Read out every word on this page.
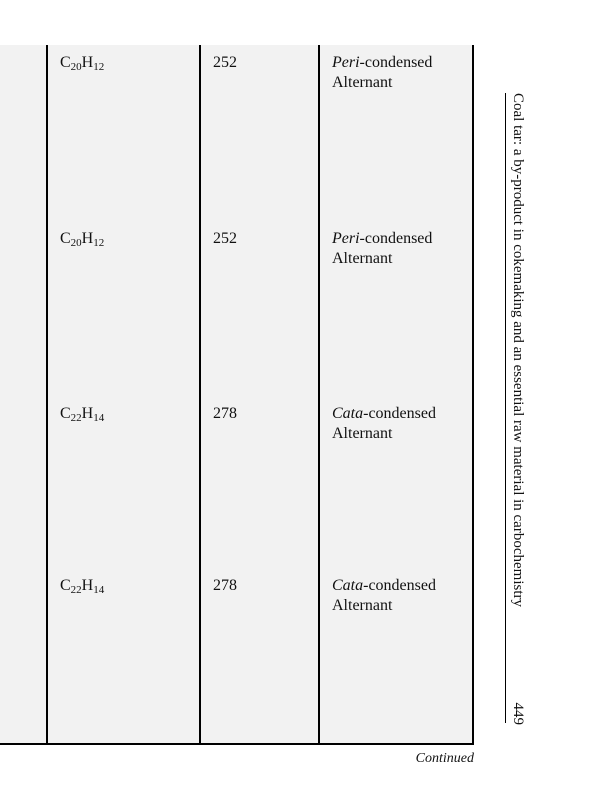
$C_{20}H_{12}$	252	Peri-condensed
Alternant
$C_{20}H_{12}$	252	Peri-condensed
Alternant
$C_{22}H_{14}$	278	Cata-condensed
Alternant
$C_{22}H_{14}$	278	Cata-condensed
Alternant
Continued
Coal tar: a by-product in cokemaking and an essential raw material in carbochemistry
449
